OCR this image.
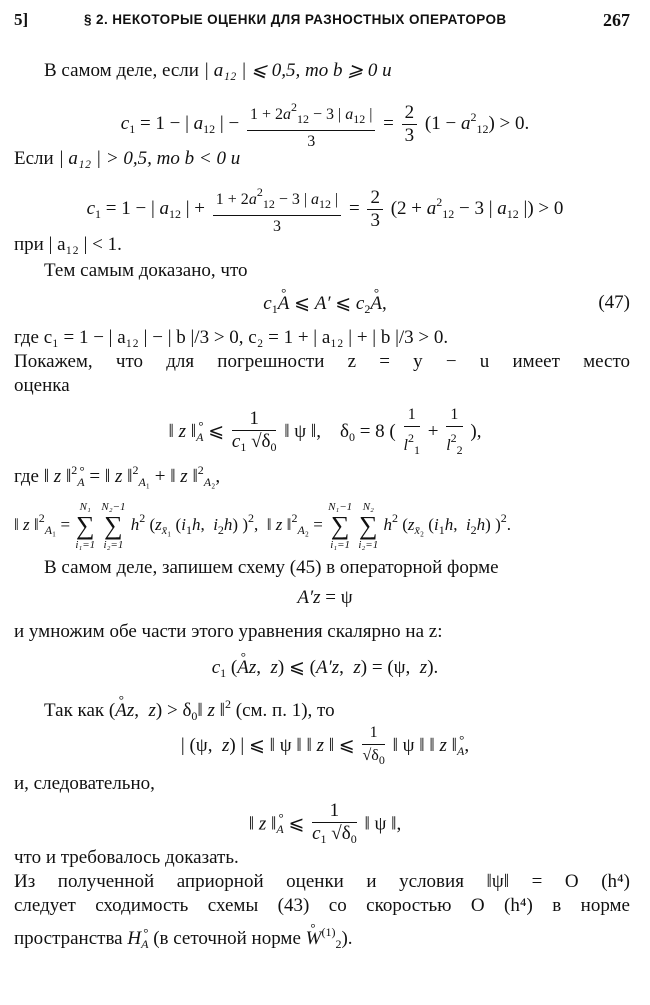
5]	§ 2. НЕКОТОРЫЕ ОЦЕНКИ ДЛЯ РАЗНОСТНЫХ ОПЕРАТОРОВ	267
В самом деле, если | a₁₂ | ⩽ 0,5, то b ⩾ 0 и
$c_1 = 1$ − | $a_{12}$ | − $\frac{1 + 2a^2_{12} - 3 | a_{12} |}{3} = \frac{2}{3} (1 - a^2_{12}) > 0$.
Если | a₁₂ | > 0,5, то b < 0 и
$c_1 = 1$ − | $a_{12}$ | + $\frac{1 + 2a^2_{12} - 3 | a_{12} |}{3} = \frac{2}{3} (2 + a^2_{12} - 3$ | $a_{12}$ |) > 0
при | a₁₂ | < 1.
Тем самым доказано, что
$c_1^\circ$ A ⩽ A′ ⩽ $c_2^\circ$ A,	(47)
где c₁ = 1 − | a₁₂ | − | b |/3 > 0, c₂ = 1 + | a₁₂ | + | b |/3 > 0.
Покажем, что для погрешности z = y − u имеет место
оценка
‖ z ‖° $_A$ ⩽ $\frac{1}{c_1 √\delta_0}$ ‖ ψ ‖,    $\delta_0 = 8$ ( $\frac{1}{l^2_1} + \frac{1}{l^2_2}$ ),
где ‖ z ‖$^2$° $_A$ = ‖ z ‖$^2_{A_1}$ + ‖ z ‖$^2_{A_2}$,
‖ z ‖$^2_{A_1}$ =
N₁
∑
i₁=1

N₂−1
∑
i₂=1
$h^2$ ($z_{x̄_1}$ ($i_1h$,  $i_2h$) )$^2$,  ‖ z ‖$^2_{A_2}$ =
N₁−1
∑
i₁=1

N₂
∑
i₂=1
$h^2$ ($z_{x̄_2}$ ($i_1h$,  $i_2h$) )$^2$.
В самом деле, запишем схему (45) в операторной форме
A′z = ψ
и умножим обе части этого уравнения скалярно на z:
$c_1$ (° Az,  z) ⩽ (A′z,  z) = (ψ,  z).
Так как (° Az,  $z) > \delta_0‖$ z ‖$^2$ (см. п. 1), то
| (ψ,  z) | ⩽ ‖ ψ ‖ ‖ z ‖ ⩽ $\frac{1}{√\delta_0}$ ‖ ψ ‖ ‖ z ‖° $_A$,
и, следовательно,
‖ z ‖° $_A$ ⩽ $\frac{1}{c_1 √\delta_0}$ ‖ ψ ‖,
что и требовалось доказать.
Из полученной априорной оценки и условия ‖ψ‖ = O (h⁴)
следует сходимость схемы (43) со скоростью O (h⁴) в норме
пространства H° $_A$ (в сеточной норме ° $W^{(1)}_2$).
